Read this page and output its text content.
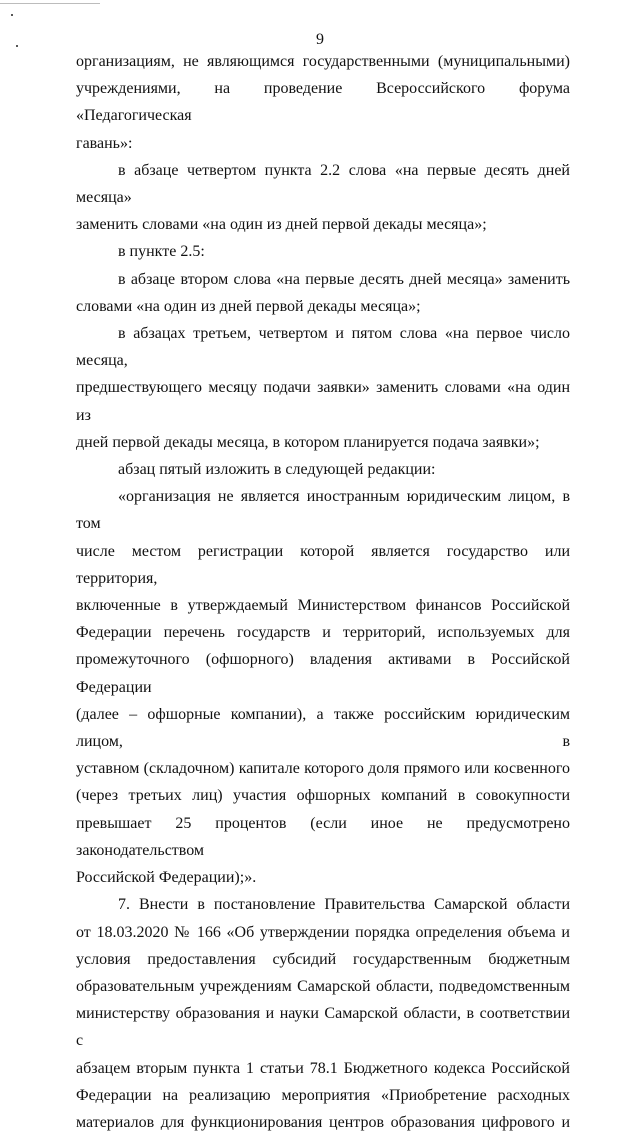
9

организациям, не являющимся государственными (муниципальными)

учреждениями, на проведение Всероссийского форума «Педагогическая

гавань»:

в абзаце четвертом пункта 2.2 слова «на первые десять дней месяца»

заменить словами «на один из дней первой декады месяца»;

в пункте 2.5:

в абзаце втором слова «на первые десять дней месяца» заменить

словами «на один из дней первой декады месяца»;

в абзацах третьем, четвертом и пятом слова «на первое число месяца,

предшествующего месяцу подачи заявки» заменить словами «на один из

дней первой декады месяца, в котором планируется подача заявки»;

абзац пятый изложить в следующей редакции:

«организация не является иностранным юридическим лицом, в том

числе местом регистрации которой является государство или территория,

включенные в утверждаемый Министерством финансов Российской

Федерации перечень государств и территорий, используемых для

промежуточного (офшорного) владения активами в Российской Федерации

(далее – офшорные компании), а также российским юридическим лицом, в

уставном (складочном) капитале которого доля прямого или косвенного

(через третьих лиц) участия офшорных компаний в совокупности

превышает 25 процентов (если иное не предусмотрено законодательством

Российской Федерации);».

7. Внести в постановление Правительства Самарской области

от 18.03.2020 № 166 «Об утверждении порядка определения объема и

условия предоставления субсидий государственным бюджетным

образовательным учреждениям Самарской области, подведомственным

министерству образования и науки Самарской области, в соответствии с

абзацем вторым пункта 1 статьи 78.1 Бюджетного кодекса Российской

Федерации на реализацию мероприятия «Приобретение расходных

материалов для функционирования центров образования цифрового и
